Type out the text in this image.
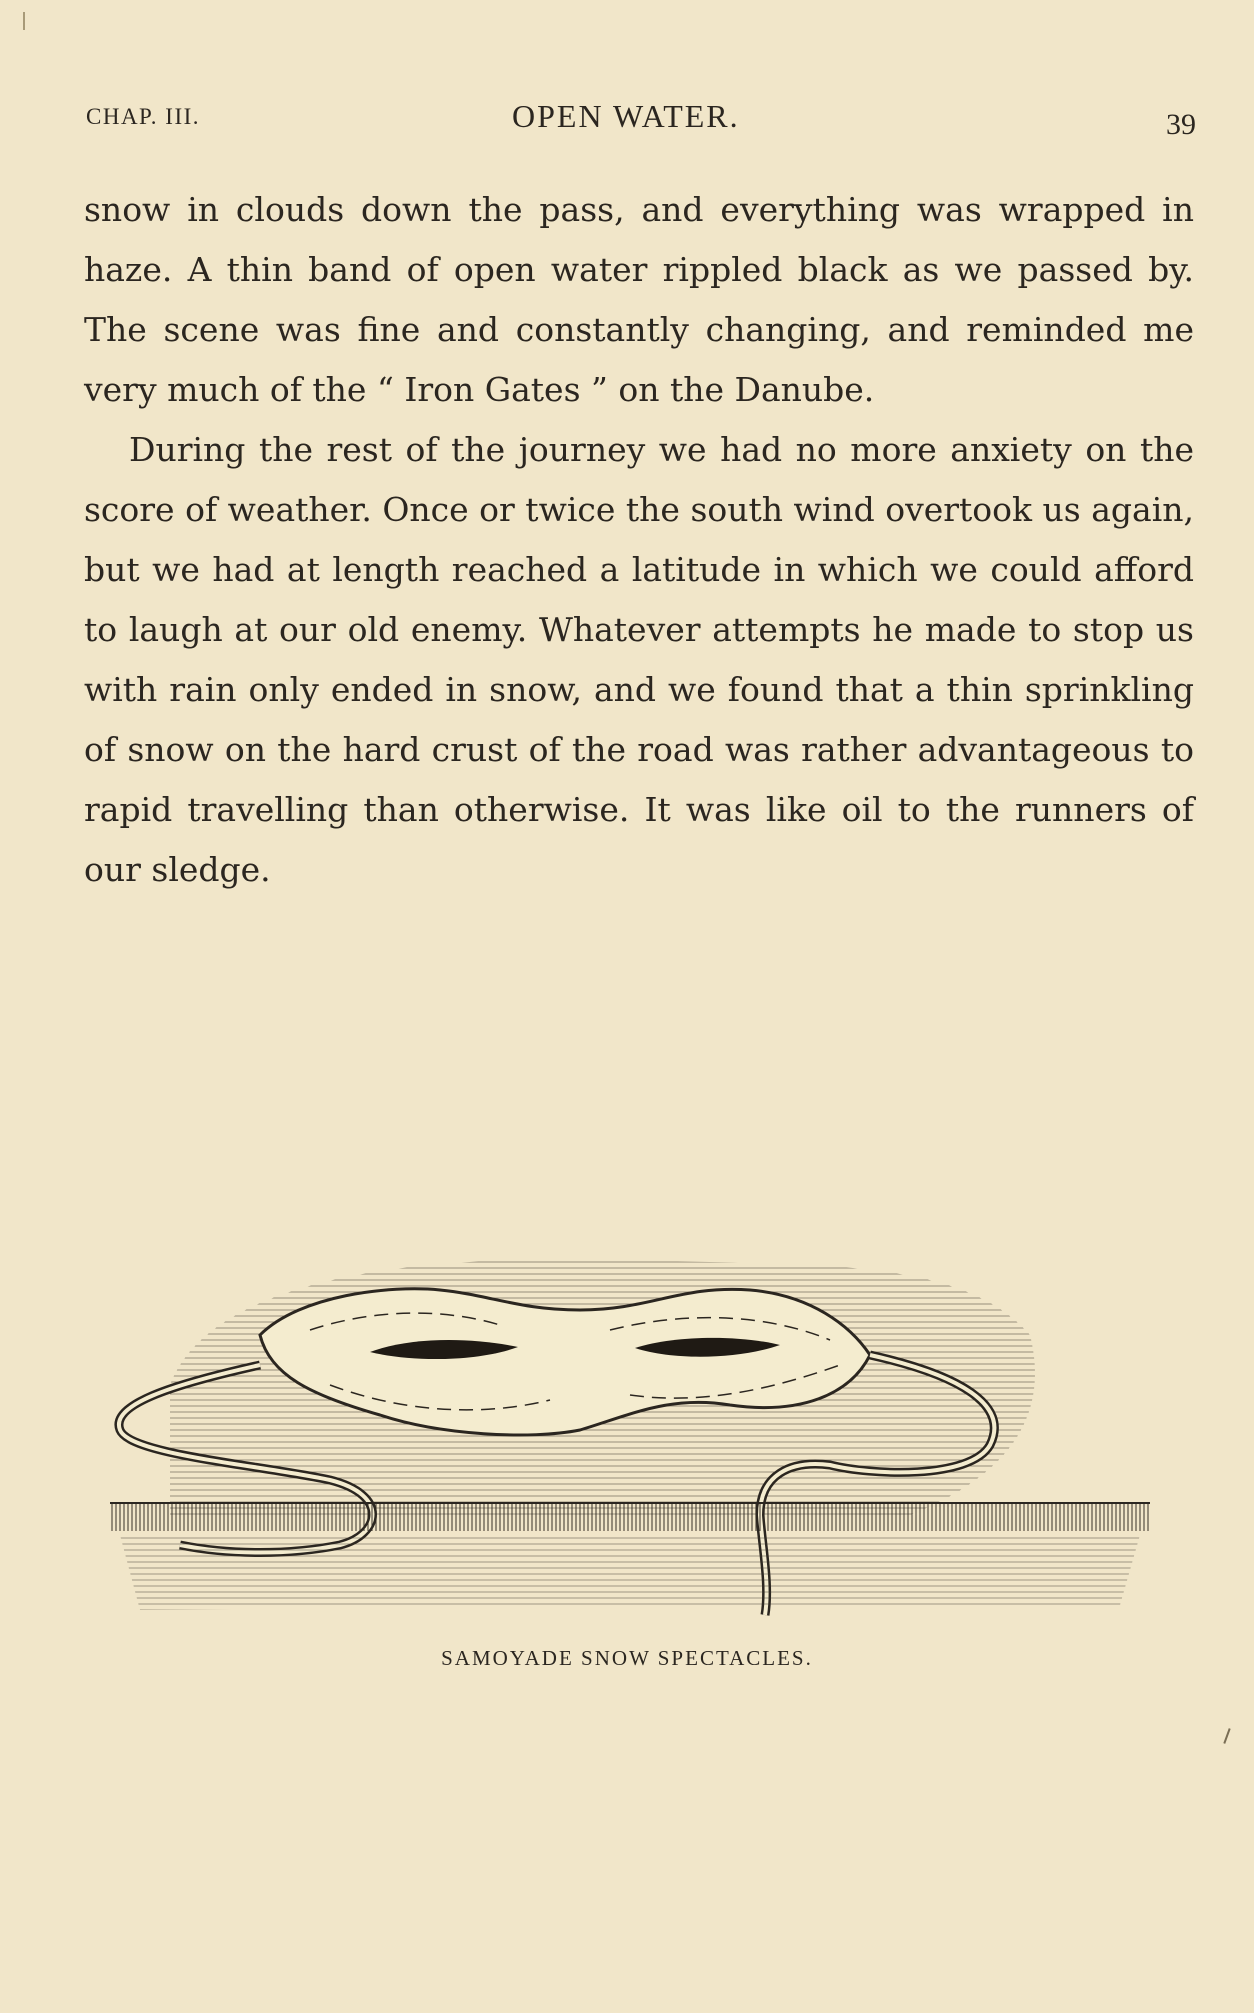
CHAP. III.	OPEN WATER.	39

snow in clouds down the pass, and everything was wrapped in haze. A thin band of open water rippled black as we passed by. The scene was fine and constantly changing, and reminded me very much of the “ Iron Gates ” on the Danube.

During the rest of the journey we had no more anxiety on the score of weather. Once or twice the south wind overtook us again, but we had at length reached a latitude in which we could afford to laugh at our old enemy. Whatever attempts he made to stop us with rain only ended in snow, and we found that a thin sprinkling of snow on the hard crust of the road was rather advantageous to rapid travelling than otherwise. It was like oil to the runners of our sledge.

SAMOYADE SNOW SPECTACLES.
